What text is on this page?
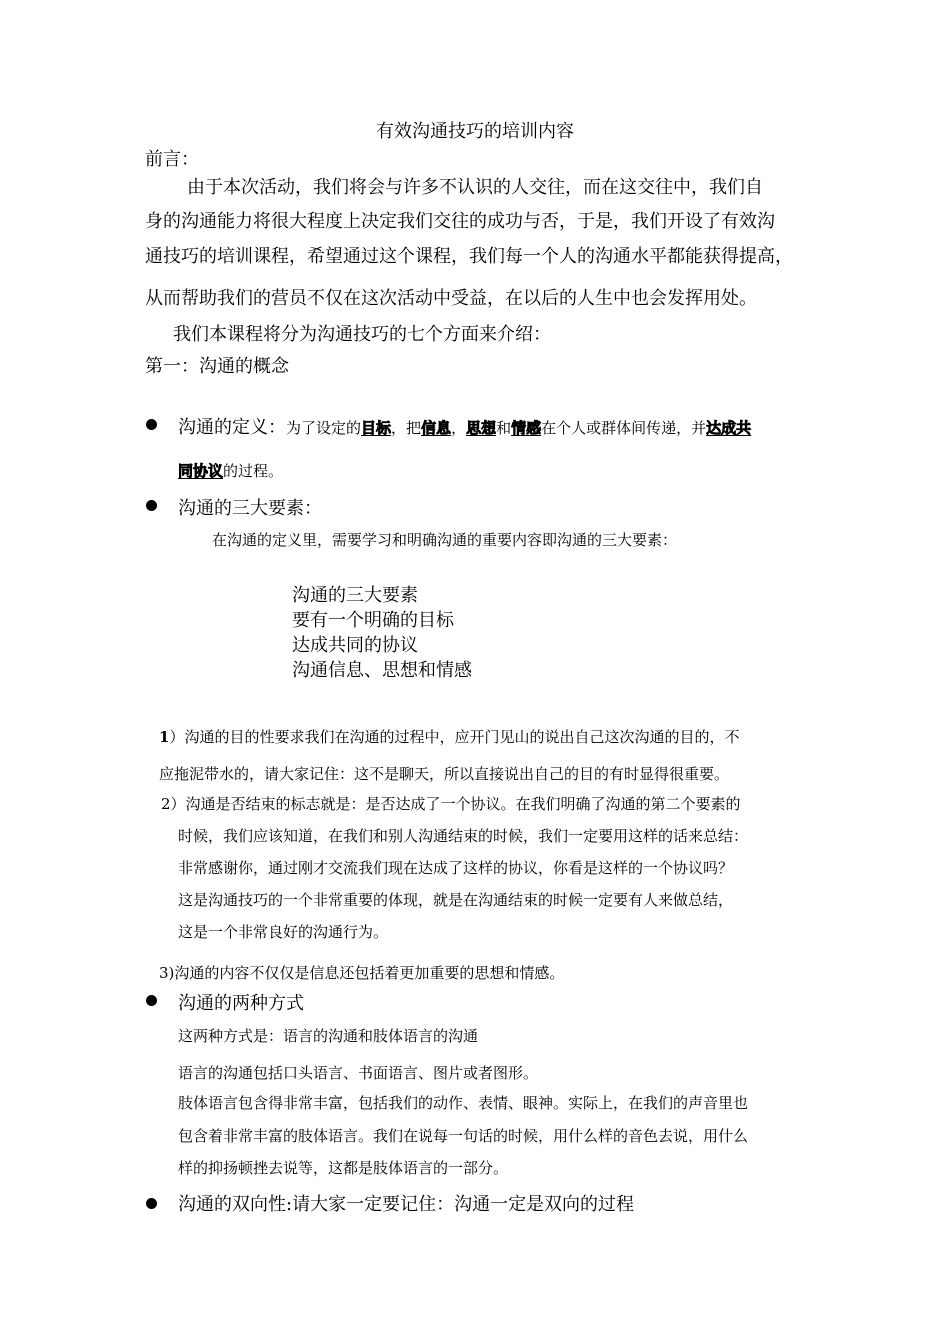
有效沟通技巧的培训内容
前言：
由于本次活动，我们将会与许多不认识的人交往，而在这交往中，我们自
身的沟通能力将很大程度上决定我们交往的成功与否，于是，我们开设了有效沟
通技巧的培训课程，希望通过这个课程，我们每一个人的沟通水平都能获得提高，
从而帮助我们的营员不仅在这次活动中受益，在以后的人生中也会发挥用处。
我们本课程将分为沟通技巧的七个方面来介绍：
第一：沟通的概念
沟通的定义：为了设定的目标，把信息，思想和情感在个人或群体间传递，并达成共
同协议的过程。
沟通的三大要素：
在沟通的定义里，需要学习和明确沟通的重要内容即沟通的三大要素：
沟通的三大要素
要有一个明确的目标
达成共同的协议
沟通信息、思想和情感
1）沟通的目的性要求我们在沟通的过程中，应开门见山的说出自己这次沟通的目的，不
应拖泥带水的，请大家记住：这不是聊天，所以直接说出自己的目的有时显得很重要。
2）沟通是否结束的标志就是：是否达成了一个协议。在我们明确了沟通的第二个要素的
时候，我们应该知道，在我们和别人沟通结束的时候，我们一定要用这样的话来总结：
非常感谢你，通过刚才交流我们现在达成了这样的协议，你看是这样的一个协议吗？
这是沟通技巧的一个非常重要的体现，就是在沟通结束的时候一定要有人来做总结，
这是一个非常良好的沟通行为。
3)沟通的内容不仅仅是信息还包括着更加重要的思想和情感。
沟通的两种方式
这两种方式是：语言的沟通和肢体语言的沟通
语言的沟通包括口头语言、书面语言、图片或者图形。
肢体语言包含得非常丰富，包括我们的动作、表情、眼神。实际上，在我们的声音里也
包含着非常丰富的肢体语言。我们在说每一句话的时候，用什么样的音色去说，用什么
样的抑扬顿挫去说等，这都是肢体语言的一部分。
沟通的双向性:请大家一定要记住：沟通一定是双向的过程
